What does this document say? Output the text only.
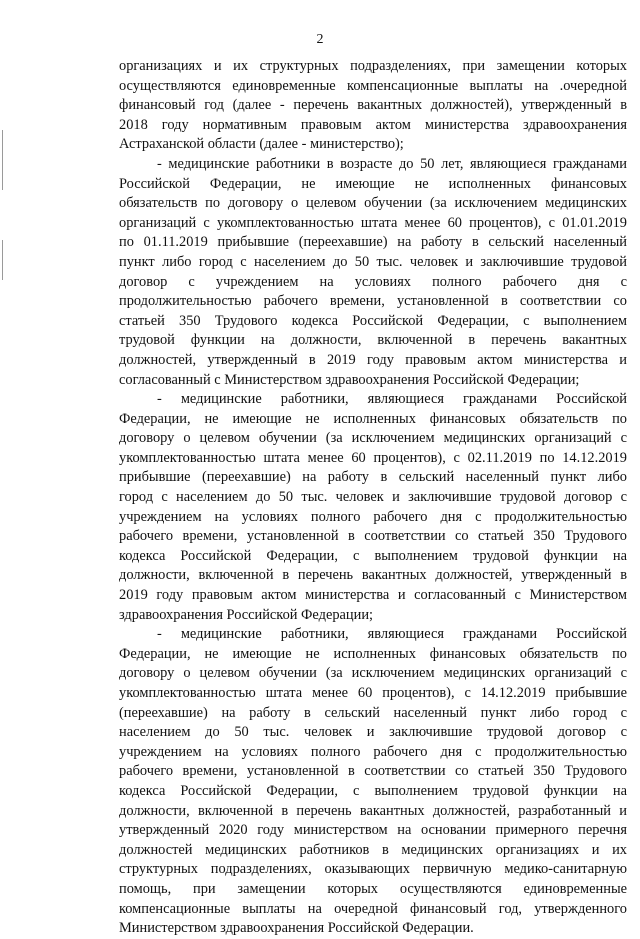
2
организациях и их структурных подразделениях, при замещении которых
осуществляются единовременные компенсационные выплаты на .очередной
финансовый год (далее - перечень вакантных должностей), утвержденный в
2018 году нормативным правовым актом министерства здравоохранения
Астраханской области (далее - министерство);
- медицинские работники в возрасте до 50 лет, являющиеся гражданами
Российской Федерации, не имеющие не исполненных финансовых
обязательств по договору о целевом обучении (за исключением медицинских
организаций с укомплектованностью штата менее 60 процентов), с 01.01.2019
по 01.11.2019 прибывшие (переехавшие) на работу в сельский населенный
пункт либо город с населением до 50 тыс. человек и заключившие трудовой
договор с учреждением на условиях полного рабочего дня с
продолжительностью рабочего времени, установленной в соответствии со
статьей 350 Трудового кодекса Российской Федерации, с выполнением
трудовой функции на должности, включенной в перечень вакантных
должностей, утвержденный в 2019 году правовым актом министерства и
согласованный с Министерством здравоохранения Российской Федерации;
- медицинские работники, являющиеся гражданами Российской
Федерации, не имеющие не исполненных финансовых обязательств по
договору о целевом обучении (за исключением медицинских организаций с
укомплектованностью штата менее 60 процентов), с 02.11.2019 по 14.12.2019
прибывшие (переехавшие) на работу в сельский населенный пункт либо
город с населением до 50 тыс. человек и заключившие трудовой договор с
учреждением на условиях полного рабочего дня с продолжительностью
рабочего времени, установленной в соответствии со статьей 350 Трудового
кодекса Российской Федерации, с выполнением трудовой функции на
должности, включенной в перечень вакантных должностей, утвержденный в
2019 году правовым актом министерства и согласованный с Министерством
здравоохранения Российской Федерации;
- медицинские работники, являющиеся гражданами Российской
Федерации, не имеющие не исполненных финансовых обязательств по
договору о целевом обучении (за исключением медицинских организаций с
укомплектованностью штата менее 60 процентов), с 14.12.2019 прибывшие
(переехавшие) на работу в сельский населенный пункт либо город с
населением до 50 тыс. человек и заключившие трудовой договор с
учреждением на условиях полного рабочего дня с продолжительностью
рабочего времени, установленной в соответствии со статьей 350 Трудового
кодекса Российской Федерации, с выполнением трудовой функции на
должности, включенной в перечень вакантных должностей, разработанный и
утвержденный 2020 году министерством на основании примерного перечня
должностей медицинских работников в медицинских организациях и их
структурных подразделениях, оказывающих первичную медико-санитарную
помощь, при замещении которых осуществляются единовременные
компенсационные выплаты на очередной финансовый год, утвержденного
Министерством здравоохранения Российской Федерации.
